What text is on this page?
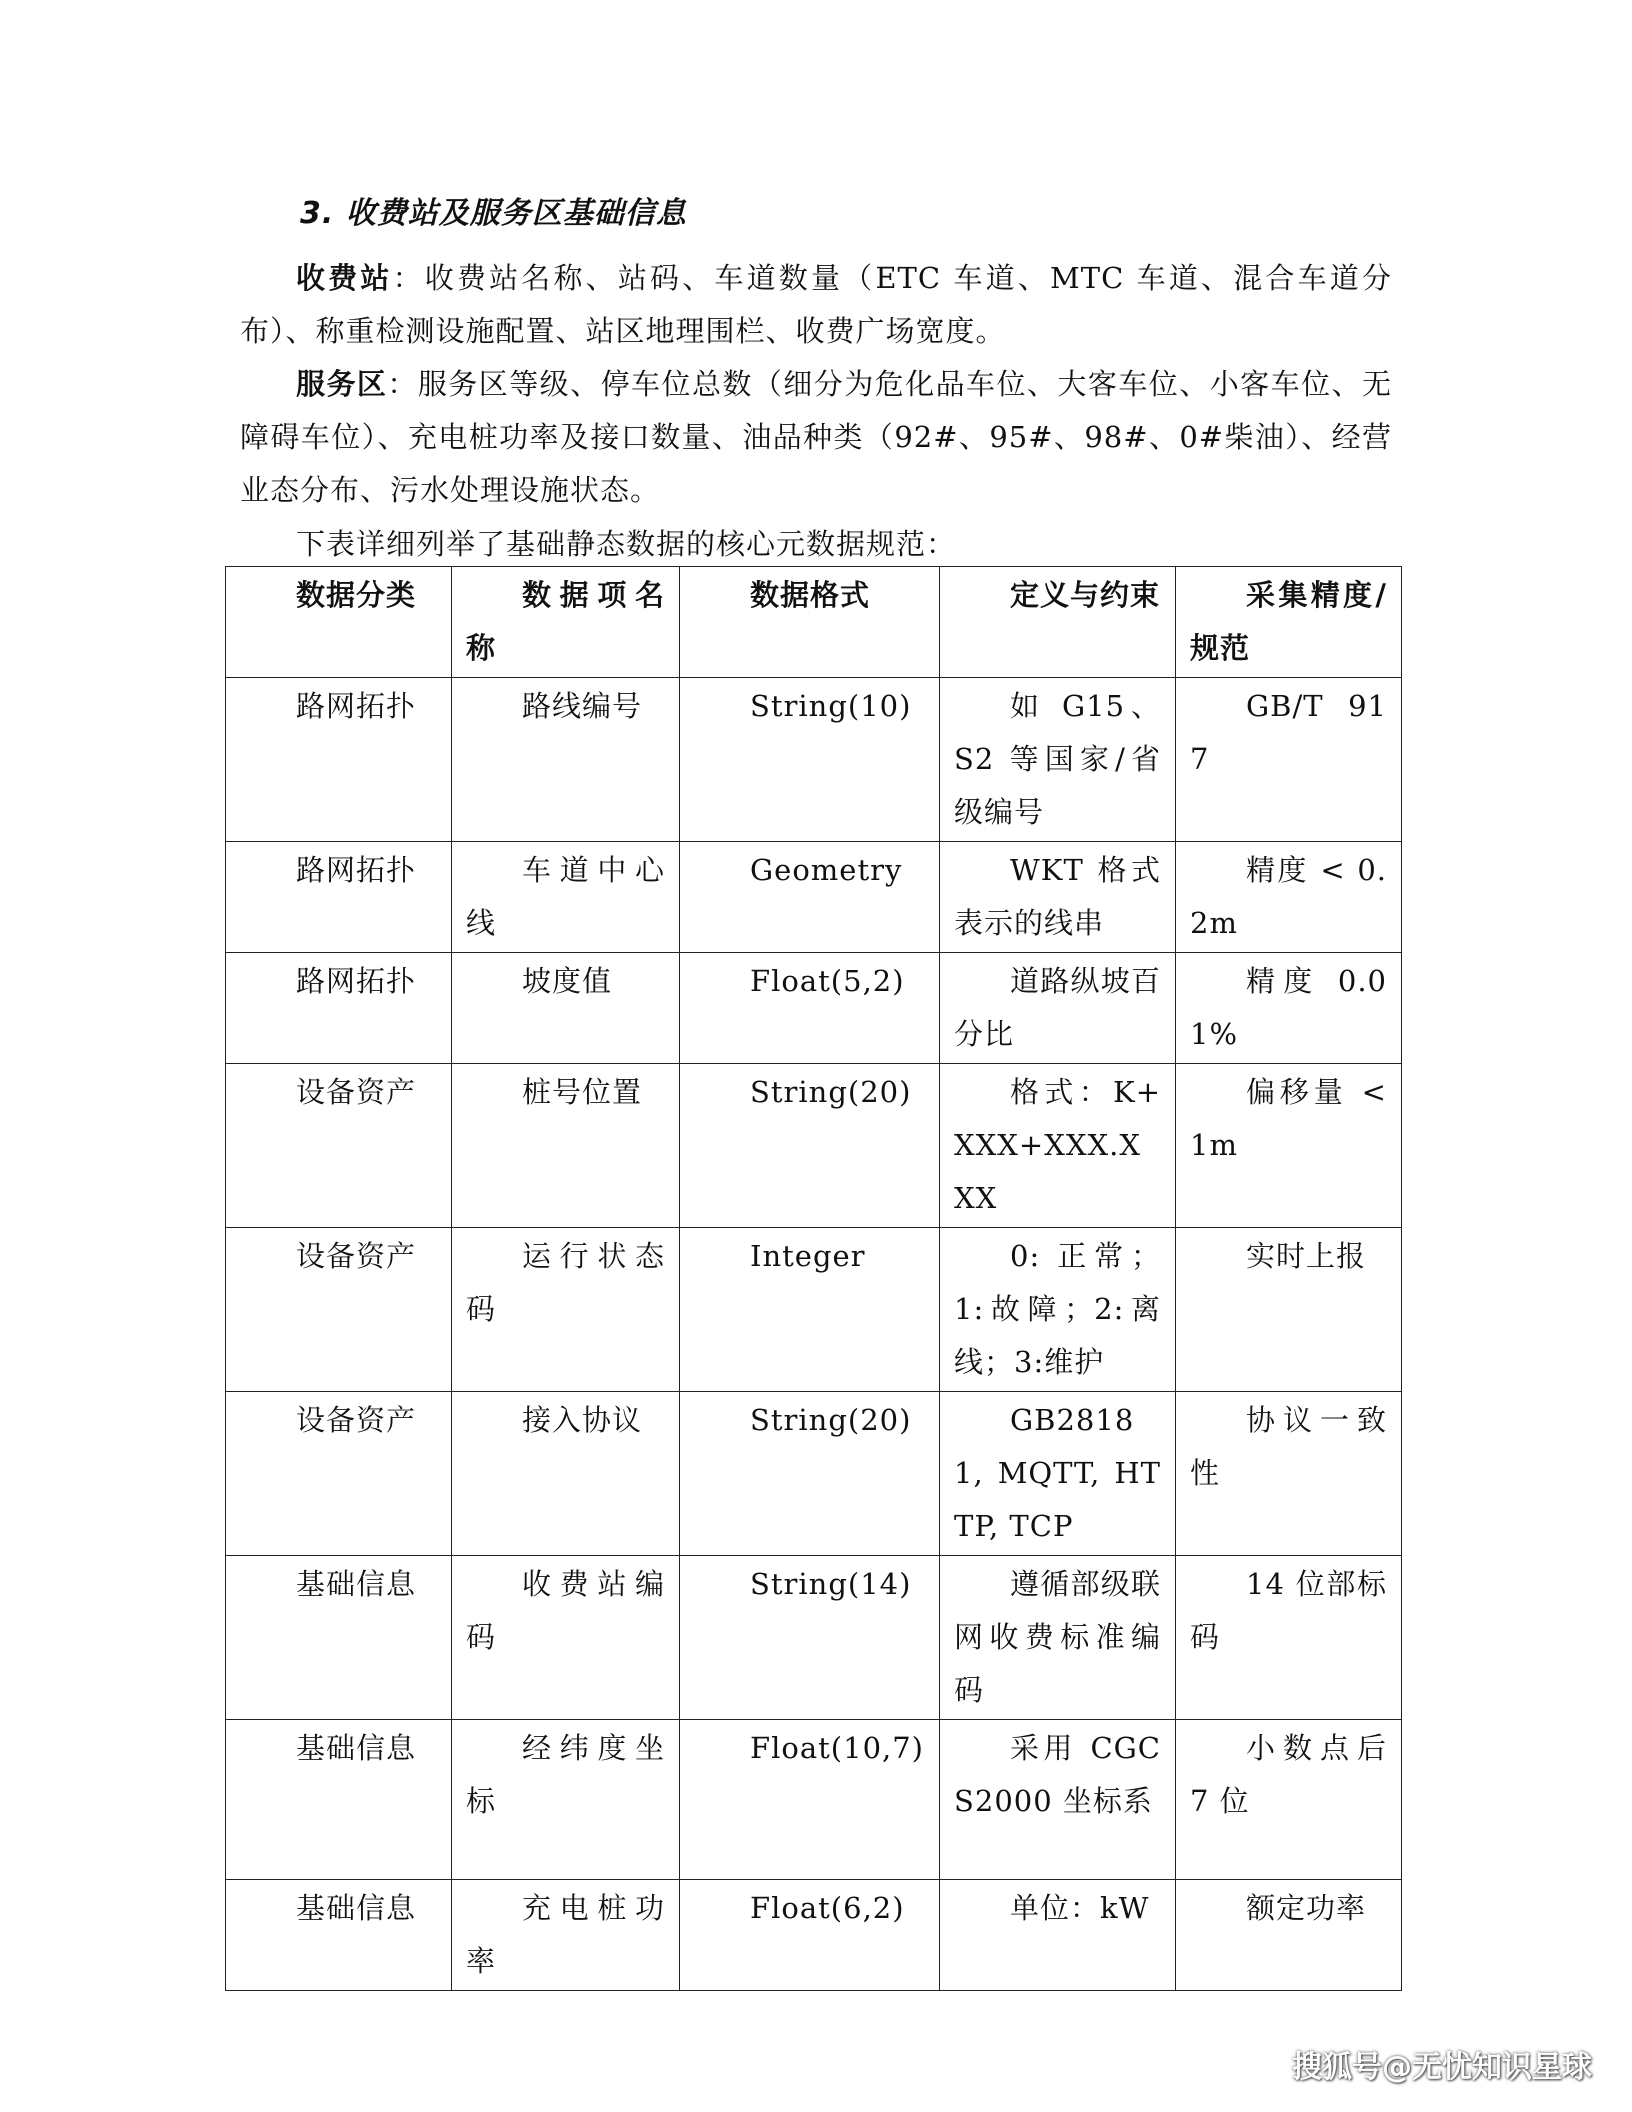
3. 收费站及服务区基础信息
收费站：收费站名称、站码、车道数量（ETC 车道、MTC 车道、混合车道分布）、称重检测设施配置、站区地理围栏、收费广场宽度。
服务区：服务区等级、停车位总数（细分为危化品车位、大客车位、小客车位、无障碍车位）、充电桩功率及接口数量、油品种类（92#、95#、98#、0#柴油）、经营业态分布、污水处理设施状态。
下表详细列举了基础静态数据的核心元数据规范：
数据分类	数据项名称	数据格式	定义与约束	采集精度/规范

路网拓扑	路线编号	String(10)	如 G15、S2 等国家/省级编号	GB/T 917

路网拓扑	车道中心线	Geometry	WKT 格式表示的线串	精度 < 0.2m

路网拓扑	坡度值	Float(5,2)	道路纵坡百分比	精度 0.01%

设备资产	桩号位置	String(20)	格式：K+XXX+XXX.XXX	偏移量 < 1m

设备资产	运行状态码	Integer	0: 正常；1:故障；2:离线；3:维护	实时上报

设备资产	接入协议	String(20)	GB28181, MQTT, HTTP, TCP	协议一致性

基础信息	收费站编码	String(14)	遵循部级联网收费标准编码	14 位部标码

基础信息	经纬度坐标	Float(10,7)	采用 CGCS2000 坐标系	小数点后 7 位

基础信息	充电桩功率	Float(6,2)	单位：kW	额定功率
搜狐号@无忧知识星球
